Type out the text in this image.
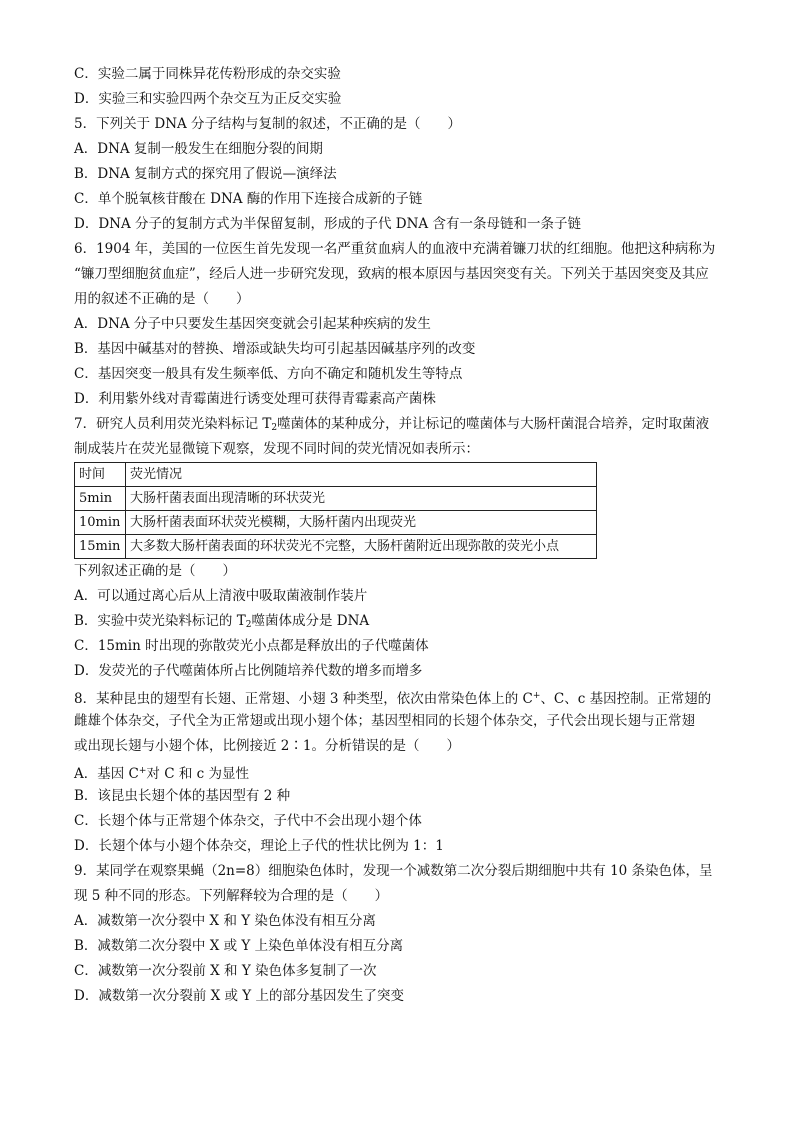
C．实验二属于同株异花传粉形成的杂交实验
D．实验三和实验四两个杂交互为正反交实验
5．下列关于 DNA 分子结构与复制的叙述，不正确的是（　　）
A．DNA 复制一般发生在细胞分裂的间期
B．DNA 复制方式的探究用了假说—演绎法
C．单个脱氧核苷酸在 DNA 酶的作用下连接合成新的子链
D．DNA 分子的复制方式为半保留复制，形成的子代 DNA 含有一条母链和一条子链
6．1904 年，美国的一位医生首先发现一名严重贫血病人的血液中充满着镰刀状的红细胞。他把这种病称为
“镰刀型细胞贫血症”，经后人进一步研究发现，致病的根本原因与基因突变有关。下列关于基因突变及其应
用的叙述不正确的是（　　）
A．DNA 分子中只要发生基因突变就会引起某种疾病的发生
B．基因中碱基对的替换、增添或缺失均可引起基因碱基序列的改变
C．基因突变一般具有发生频率低、方向不确定和随机发生等特点
D．利用紫外线对青霉菌进行诱变处理可获得青霉素高产菌株
7．研究人员利用荧光染料标记 $T_2$噬菌体的某种成分，并让标记的噬菌体与大肠杆菌混合培养，定时取菌液
制成装片在荧光显微镜下观察，发现不同时间的荧光情况如表所示：
时间	荧光情况
5min	大肠杆菌表面出现清晰的环状荧光
10min	大肠杆菌表面环状荧光模糊，大肠杆菌内出现荧光
15min	大多数大肠杆菌表面的环状荧光不完整，大肠杆菌附近出现弥散的荧光小点
下列叙述正确的是（　　）
A．可以通过离心后从上清液中吸取菌液制作装片
B．实验中荧光染料标记的 $T_2$噬菌体成分是 DNA
C．15min 时出现的弥散荧光小点都是释放出的子代噬菌体
D．发荧光的子代噬菌体所占比例随培养代数的增多而增多
8．某种昆虫的翅型有长翅、正常翅、小翅 3 种类型，依次由常染色体上的 C+、C、c 基因控制。正常翅的
雌雄个体杂交，子代全为正常翅或出现小翅个体；基因型相同的长翅个体杂交，子代会出现长翅与正常翅
或出现长翅与小翅个体，比例接近 2∶1。分析错误的是（　　）
A．基因 C+对 C 和 c 为显性
B．该昆虫长翅个体的基因型有 2 种
C．长翅个体与正常翅个体杂交，子代中不会出现小翅个体
D．长翅个体与小翅个体杂交，理论上子代的性状比例为 1：1
9．某同学在观察果蝇（2n=8）细胞染色体时，发现一个减数第二次分裂后期细胞中共有 10 条染色体，呈
现 5 种不同的形态。下列解释较为合理的是（　　）
A．减数第一次分裂中 X 和 Y 染色体没有相互分离
B．减数第二次分裂中 X 或 Y 上染色单体没有相互分离
C．减数第一次分裂前 X 和 Y 染色体多复制了一次
D．减数第一次分裂前 X 或 Y 上的部分基因发生了突变
